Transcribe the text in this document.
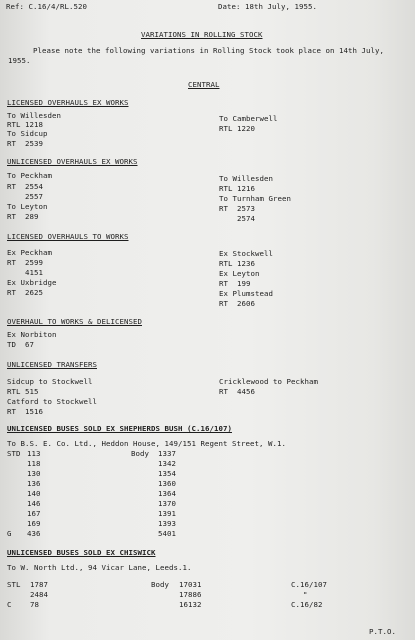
Ref: C.16/4/RL.520	Date: 18th July, 1955.
VARIATIONS IN ROLLING STOCK
Please note the following variations in Rolling Stock took place on 14th July,
1955.
CENTRAL
LICENSED OVERHAULS EX WORKS
To Willesden
RTL 1218
To Sidcup
RT  2539
To Camberwell
RTL 1220
UNLICENSED OVERHAULS EX WORKS
To Peckham
RT  2554
2557
To Leyton
RT  289
To Willesden
RTL 1216
To Turnham Green
RT  2573
2574
LICENSED OVERHAULS TO WORKS
Ex Peckham
RT  2599
4151
Ex Uxbridge
RT  2625
Ex Stockwell
RTL 1236
Ex Leyton
RT  199
Ex Plumstead
RT  2606
OVERHAUL TO WORKS & DELICENSED
Ex Norbiton
TD  67
UNLICENSED TRANSFERS
Sidcup to Stockwell
RTL 515
Catford to Stockwell
RT  1516
Cricklewood to Peckham
RT  4456
UNLICENSED BUSES SOLD EX SHEPHERDS BUSH (C.16/107)
To B.S. E. Co. Ltd., Heddon House, 149/151 Regent Street, W.1.
Body
STD 113	1337
118	1342
130	1354
136	1360
140	1364
146	1370
167	1391
169	1393
G 436	5401
UNLICENSED BUSES SOLD EX CHISWICK
To W. North Ltd., 94 Vicar Lane, Leeds.1.
Body
STL 1787	17031	C.16/107
2484	17886	"
C	78	16132	C.16/82
P.T.O.
